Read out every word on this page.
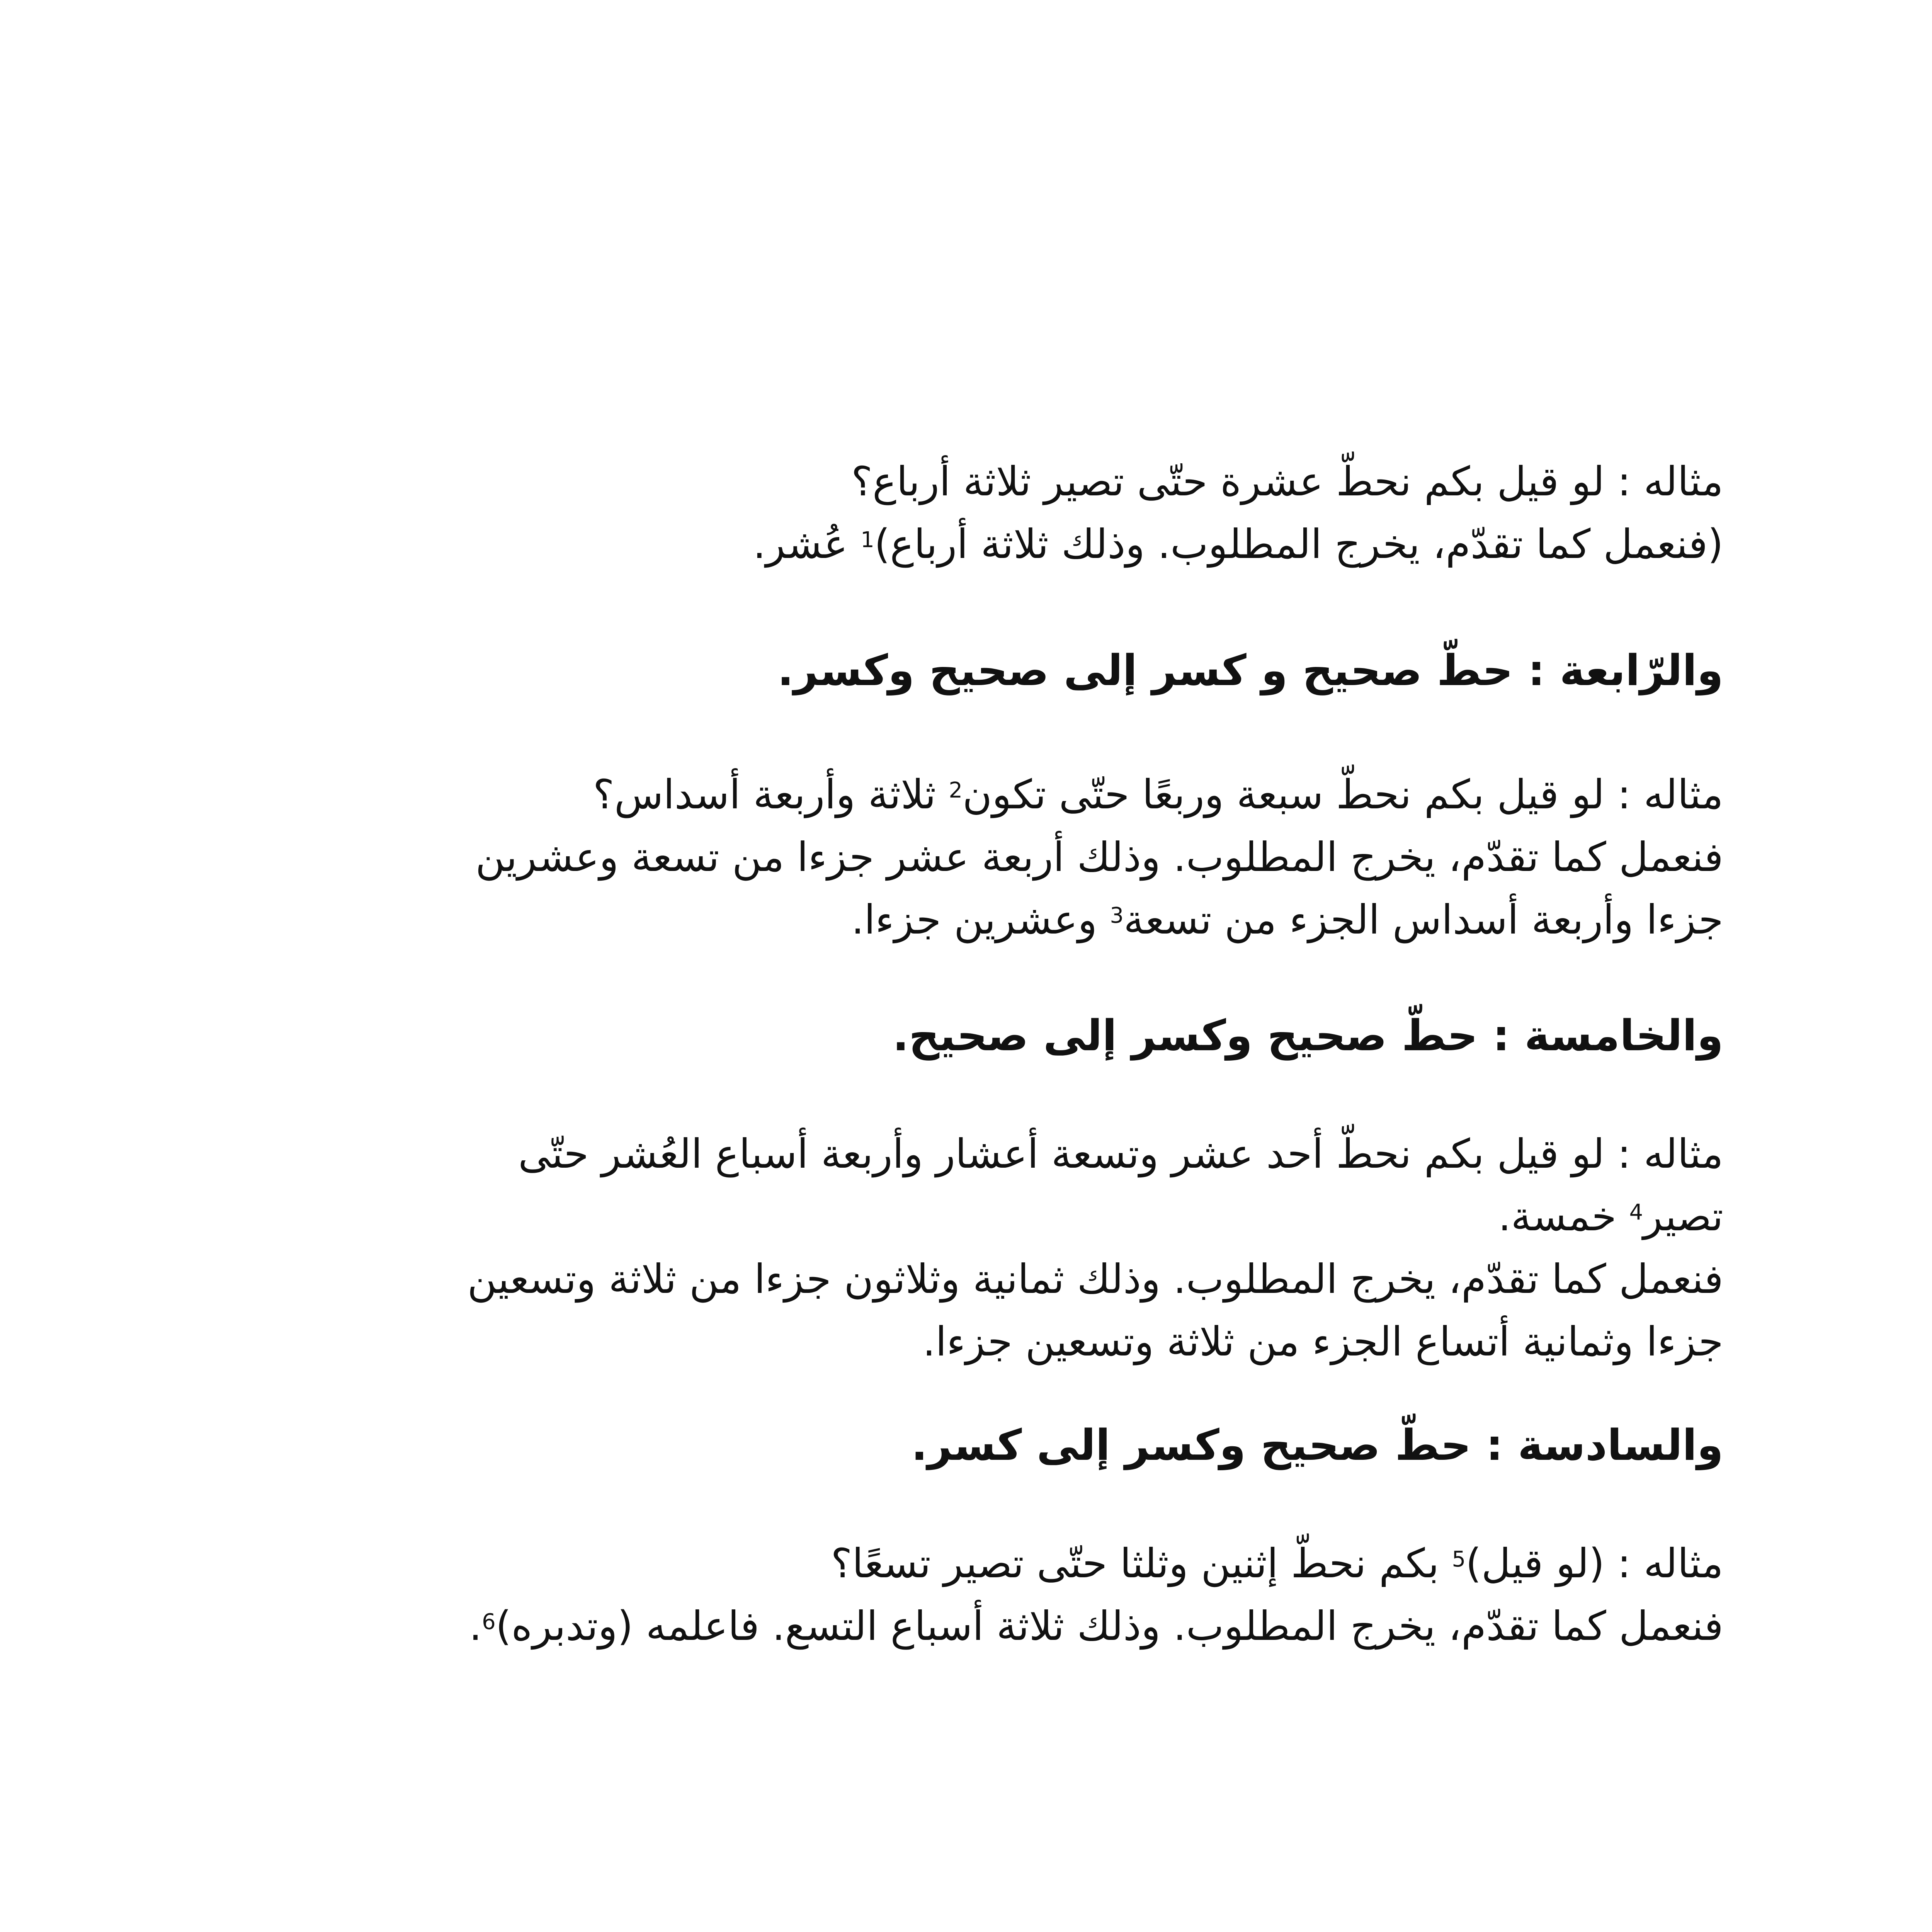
مثاله : لو قيل بكم نحطّ عشرة حتّى تصير ثلاثة أرباع؟
(فنعمل كما تقدّم، يخرج المطلوب. وذلك ثلاثة أرباع)$^1$ عُشر.
والرّابعة : حطّ صحيح و كسر إلى صحيح وكسر.
مثاله : لو قيل بكم نحطّ سبعة وربعًا حتّى تكون$^2$ ثلاثة وأربعة أسداس؟
فنعمل كما تقدّم، يخرج المطلوب. وذلك أربعة عشر جزءا من تسعة وعشرين
جزءا وأربعة أسداس الجزء من تسعة$^3$ وعشرين جزءا.
والخامسة : حطّ صحيح وكسر إلى صحيح.
مثاله : لو قيل بكم نحطّ أحد عشر وتسعة أعشار وأربعة أسباع العُشر حتّى
تصير$^4$ خمسة.
فنعمل كما تقدّم، يخرج المطلوب. وذلك ثمانية وثلاثون جزءا من ثلاثة وتسعين
جزءا وثمانية أتساع الجزء من ثلاثة وتسعين جزءا.
والسادسة : حطّ صحيح وكسر إلى كسر.
مثاله : (لو قيل)$^5$ بكم نحطّ إثنين وثلثا حتّى تصير تسعًا؟
فنعمل كما تقدّم، يخرج المطلوب. وذلك ثلاثة أسباع التسع. فاعلمه (وتدبره)$^6$.
